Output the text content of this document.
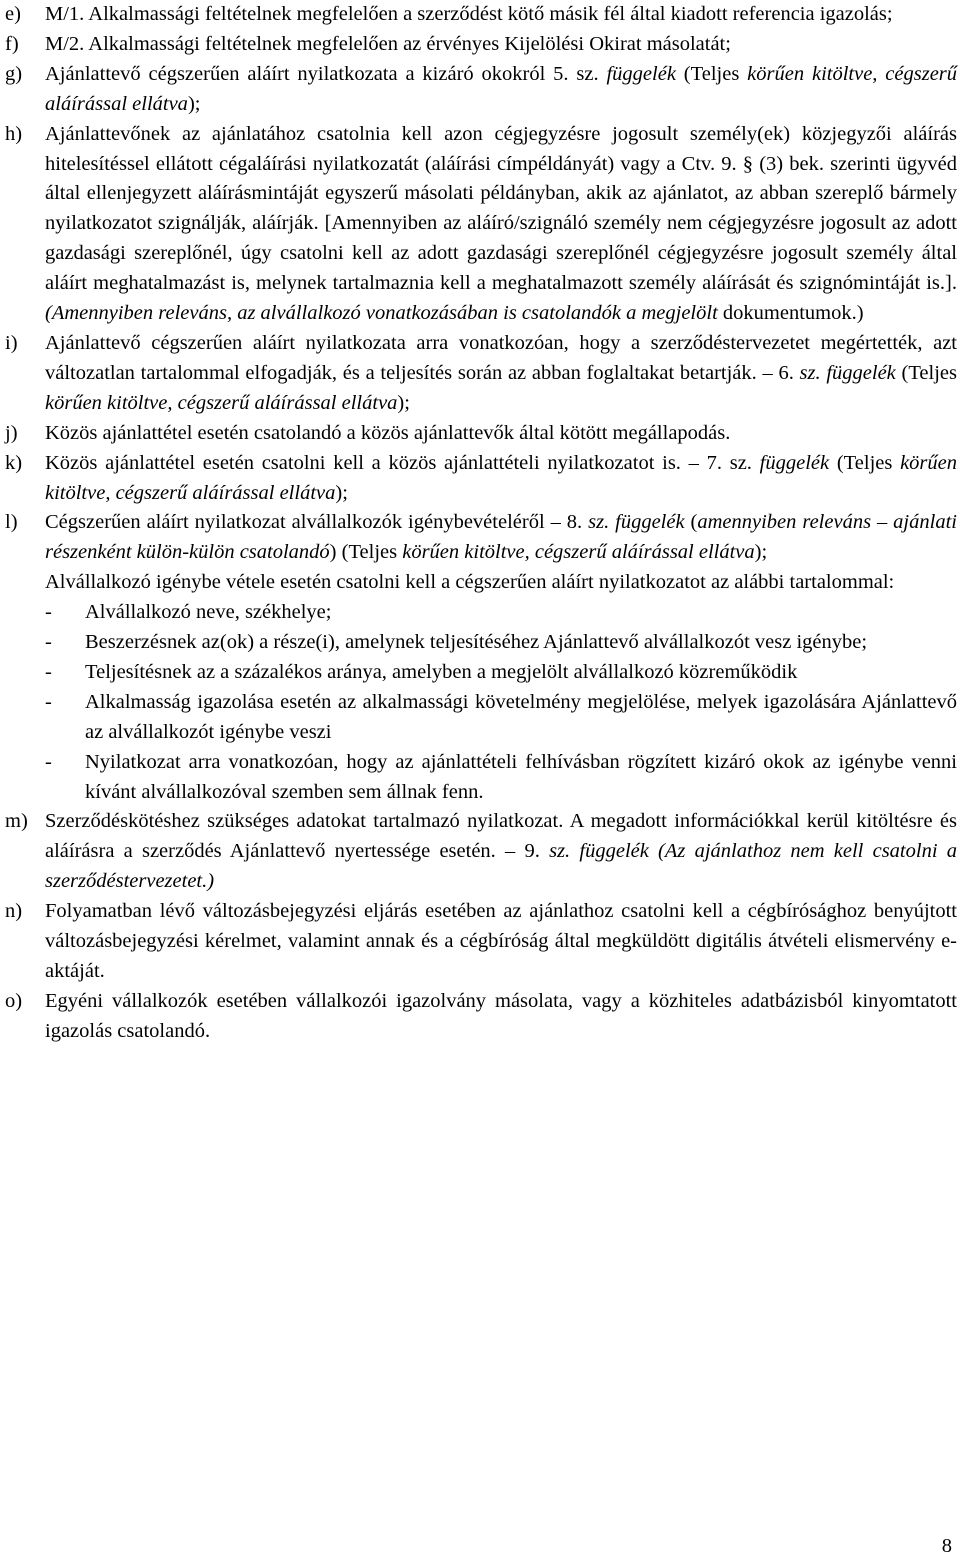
e)	M/1. Alkalmassági feltételnek megfelelően a szerződést kötő másik fél által kiadott referencia igazolás;
f)	M/2. Alkalmassági feltételnek megfelelően az érvényes Kijelölési Okirat másolatát;
g)	Ajánlattevő cégszerűen aláírt nyilatkozata a kizáró okokról 5. sz. függelék (Teljes körűen kitöltve, cégszerű aláírással ellátva);
h)	Ajánlattevőnek az ajánlatához csatolnia kell azon cégjegyzésre jogosult személy(ek) közjegyzői aláírás hitelesítéssel ellátott cégaláírási nyilatkozatát (aláírási címpéldányát) vagy a Ctv. 9. § (3) bek. szerinti ügyvéd által ellenjegyzett aláírásmintáját egyszerű másolati példányban, akik az ajánlatot, az abban szereplő bármely nyilatkozatot szignálják, aláírják. [Amennyiben az aláíró/szignáló személy nem cégjegyzésre jogosult az adott gazdasági szereplőnél, úgy csatolni kell az adott gazdasági szereplőnél cégjegyzésre jogosult személy által aláírt meghatalmazást is, melynek tartalmaznia kell a meghatalmazott személy aláírását és szignómintáját is.]. (Amennyiben releváns, az alvállalkozó vonatkozásában is csatolandók a megjelölt dokumentumok.)
i)	Ajánlattevő cégszerűen aláírt nyilatkozata arra vonatkozóan, hogy a szerződéstervezetet megértették, azt változatlan tartalommal elfogadják, és a teljesítés során az abban foglaltakat betartják. – 6. sz. függelék (Teljes körűen kitöltve, cégszerű aláírással ellátva);
j)	Közös ajánlattétel esetén csatolandó a közös ajánlattevők által kötött megállapodás.
k)	Közös ajánlattétel esetén csatolni kell a közös ajánlattételi nyilatkozatot is. – 7. sz. függelék (Teljes körűen kitöltve, cégszerű aláírással ellátva);
l)	Cégszerűen aláírt nyilatkozat alvállalkozók igénybevételéről – 8. sz. függelék (amennyiben releváns – ajánlati részenként külön-külön csatolandó) (Teljes körűen kitöltve, cégszerű aláírással ellátva);
Alvállalkozó igénybe vétele esetén csatolni kell a cégszerűen aláírt nyilatkozatot az alábbi tartalommal:
-	Alvállalkozó neve, székhelye;
-	Beszerzésnek az(ok) a része(i), amelynek teljesítéséhez Ajánlattevő alvállalkozót vesz igénybe;
-	Teljesítésnek az a százalékos aránya, amelyben a megjelölt alvállalkozó közreműködik
-	Alkalmasság igazolása esetén az alkalmassági követelmény megjelölése, melyek igazolására Ajánlattevő az alvállalkozót igénybe veszi
-	Nyilatkozat arra vonatkozóan, hogy az ajánlattételi felhívásban rögzített kizáró okok az igénybe venni kívánt alvállalkozóval szemben sem állnak fenn.
m) Szerződéskötéshez szükséges adatokat tartalmazó nyilatkozat. A megadott információkkal kerül kitöltésre és aláírásra a szerződés Ajánlattevő nyertessége esetén. – 9. sz. függelék (Az ajánlathoz nem kell csatolni a szerződéstervezetet.)
n)	Folyamatban lévő változásbejegyzési eljárás esetében az ajánlathoz csatolni kell a cégbírósághoz benyújtott változásbejegyzési kérelmet, valamint annak és a cégbíróság által megküldött digitális átvételi elismervény e-aktáját.
o)	Egyéni vállalkozók esetében vállalkozói igazolvány másolata, vagy a közhiteles adatbázisból kinyomtatott igazolás csatolandó.
8
